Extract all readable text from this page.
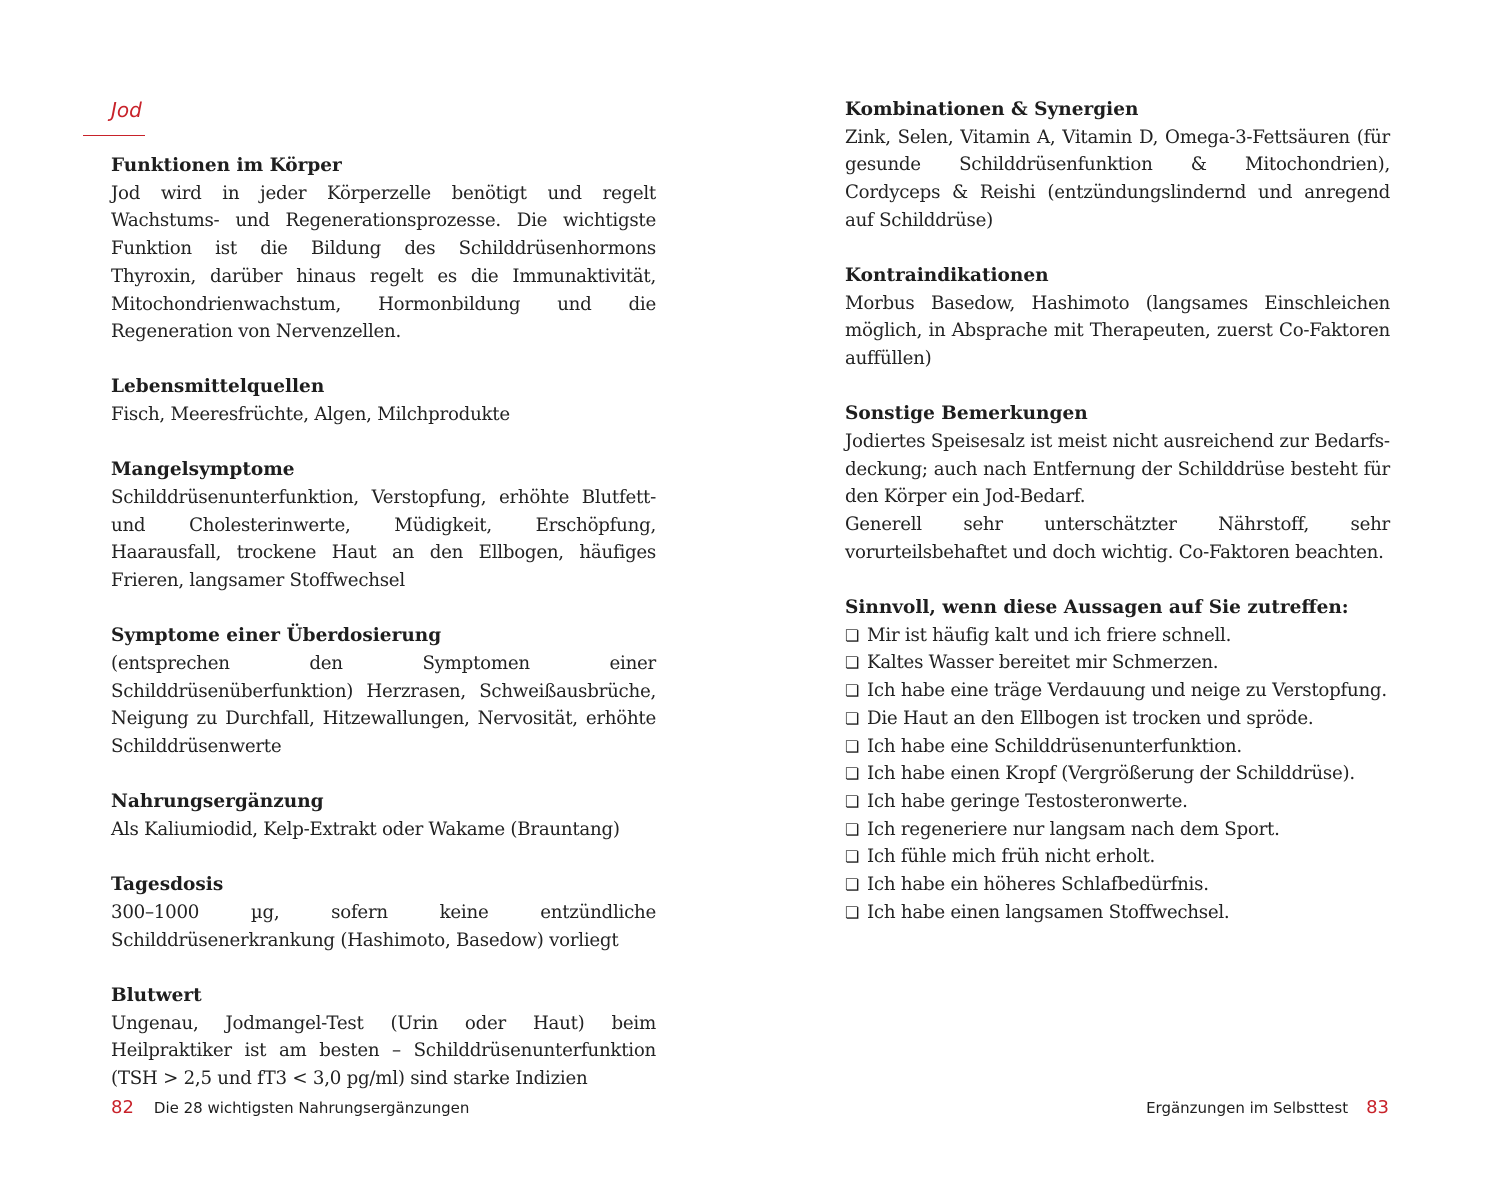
Jod
Funktionen im Körper

Jod wird in jeder Körperzelle benötigt und regelt Wachstums- und Regenerationsprozesse. Die wichtigste Funktion ist die Bildung des Schilddrüsenhormons Thyroxin, darüber hinaus regelt es die Immunaktivität, Mitochondrienwachstum, Hormonbildung und die Regeneration von Nervenzellen.

Lebensmittelquellen

Fisch, Meeresfrüchte, Algen, Milchprodukte

Mangelsymptome

Schilddrüsenunterfunktion, Verstopfung, erhöhte Blutfett- und Cholesterinwerte, Müdigkeit, Erschöpfung, Haarausfall, trockene Haut an den Ellbogen, häufiges Frieren, langsamer Stoffwechsel

Symptome einer Überdosierung

(entsprechen den Symptomen einer Schilddrüsenüberfunktion) Herzrasen, Schweißausbrüche, Neigung zu Durchfall, Hitzewallungen, Nervosität, erhöhte Schilddrüsenwerte

Nahrungsergänzung

Als Kaliumiodid, Kelp-Extrakt oder Wakame (Brauntang)

Tagesdosis

300–1000 µg, sofern keine entzündliche Schilddrüsenerkrankung (Hashimoto, Basedow) vorliegt

Blutwert

Ungenau, Jodmangel-Test (Urin oder Haut) beim Heilpraktiker ist am besten – Schilddrüsenunterfunktion (TSH > 2,5 und fT3 < 3,0 pg/ml) sind starke Indizien

82 Die 28 wichtigsten Nahrungsergänzungen
Kombinationen & Synergien

Zink, Selen, Vitamin A, Vitamin D, Omega-3-Fettsäuren (für gesunde Schilddrüsenfunktion & Mitochondrien), Cordyceps & Reishi (entzündungslindernd und anregend auf Schilddrüse)

Kontraindikationen

Morbus Basedow, Hashimoto (langsames Einschleichen möglich, in Absprache mit Therapeuten, zuerst Co-Faktoren auffüllen)

Sonstige Bemerkungen

Jodiertes Speisesalz ist meist nicht ausreichend zur Bedarfsdeckung; auch nach Entfernung der Schilddrüse besteht für den Körper ein Jod-Bedarf.

Generell sehr unterschätzter Nährstoff, sehr vorurteilsbehaftet und doch wichtig. Co-Faktoren beachten.

Sinnvoll, wenn diese Aussagen auf Sie zutreffen:
❏ Mir ist häufig kalt und ich friere schnell.
❏ Kaltes Wasser bereitet mir Schmerzen.
❏ Ich habe eine träge Verdauung und neige zu Verstopfung.
❏ Die Haut an den Ellbogen ist trocken und spröde.
❏ Ich habe eine Schilddrüsenunterfunktion.
❏ Ich habe einen Kropf (Vergrößerung der Schilddrüse).
❏ Ich habe geringe Testosteronwerte.
❏ Ich regeneriere nur langsam nach dem Sport.
❏ Ich fühle mich früh nicht erholt.
❏ Ich habe ein höheres Schlafbedürfnis.
❏ Ich habe einen langsamen Stoffwechsel.
Ergänzungen im Selbsttest 83
